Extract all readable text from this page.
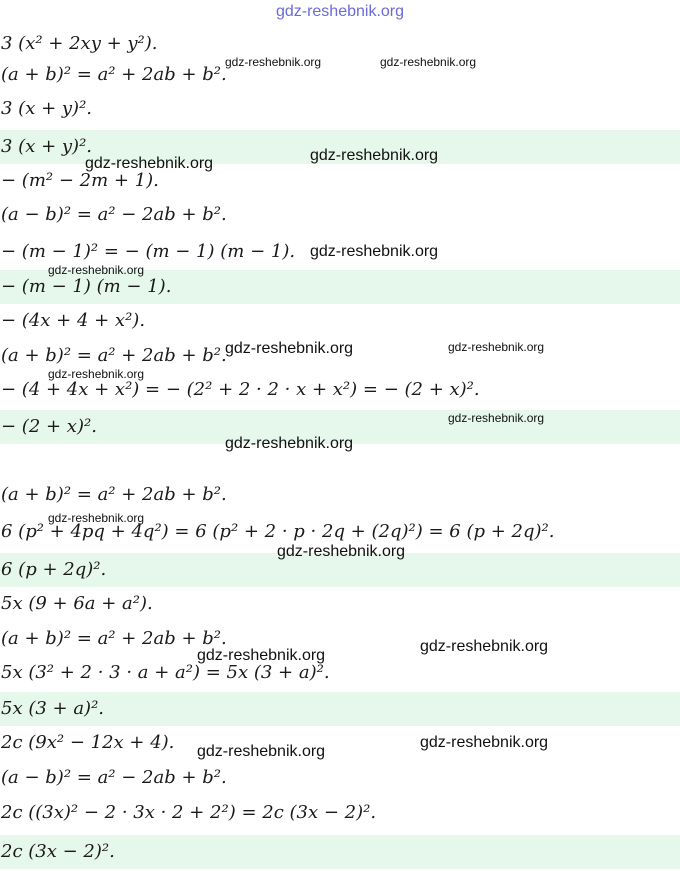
gdz-reshebnik.org
3 (x² + 2xy + y²).
(a + b)² = a² + 2ab + b².
3 (x + y)².
3 (x + y)².
− (m² − 2m + 1).
(a − b)² = a² − 2ab + b².
− (m − 1)² = − (m − 1) (m − 1).
− (m − 1) (m − 1).
− (4x + 4 + x²).
(a + b)² = a² + 2ab + b².
− (4 + 4x + x²) = − (2² + 2 · 2 · x + x²) = − (2 + x)².
− (2 + x)².
(a + b)² = a² + 2ab + b².
6 (p² + 4pq + 4q²) = 6 (p² + 2 · p · 2q + (2q)²) = 6 (p + 2q)².
6 (p + 2q)².
5x (9 + 6a + a²).
(a + b)² = a² + 2ab + b².
5x (3² + 2 · 3 · a + a²) = 5x (3 + a)².
5x (3 + a)².
2c (9x² − 12x + 4).
(a − b)² = a² − 2ab + b².
2c ((3x)² − 2 · 3x · 2 + 2²) = 2c (3x − 2)².
2c (3x − 2)².
gdz-reshebnik.org	gdz-reshebnik.org
gdz-reshebnik.org	gdz-reshebnik.org
gdz-reshebnik.org
gdz-reshebnik.org
gdz-reshebnik.org	gdz-reshebnik.org
gdz-reshebnik.org
gdz-reshebnik.org
gdz-reshebnik.org
gdz-reshebnik.org
gdz-reshebnik.org
gdz-reshebnik.org
gdz-reshebnik.org
gdz-reshebnik.org
gdz-reshebnik.org
